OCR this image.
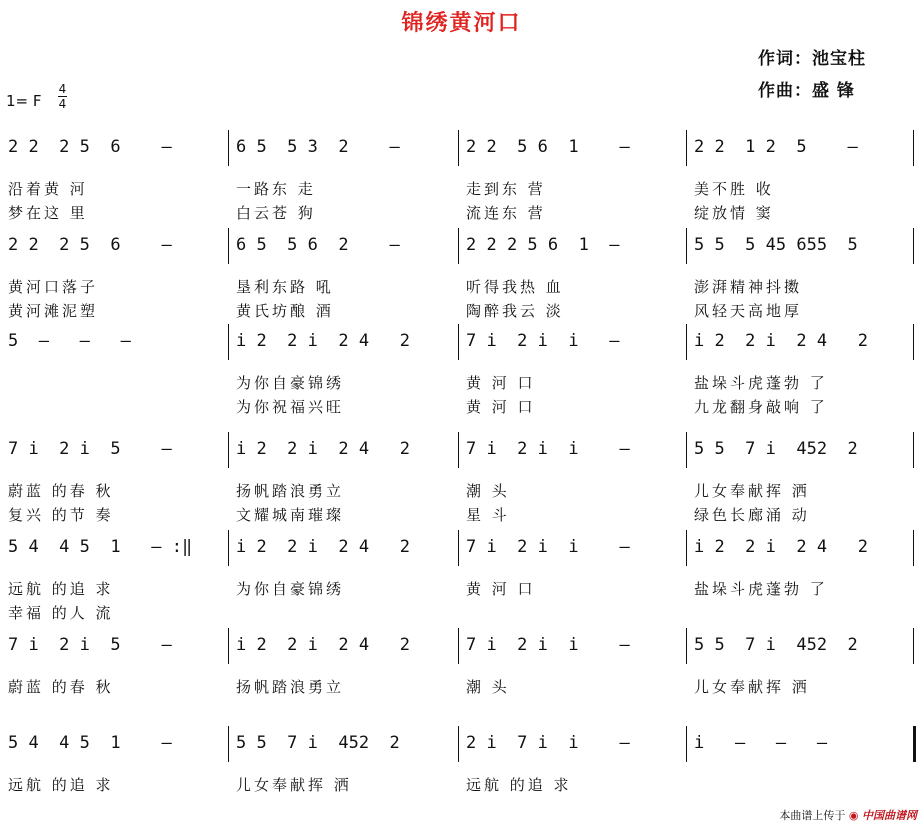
锦绣黄河口
作词：池宝柱
作曲：盛 锋
1= F
4
4
2 2  2 5  6    –	6 5  5 3  2    –	2 2  5 6  1    –	2 2  1 2  5    –
沿着黄 河	一路东 走	走到东 营	美不胜 收
梦在这 里	白云苍 狗	流连东 营	绽放情 窦
2 2  2 5  6    –	6 5  5 6  2    –	2 2 2 5 6  1  –	5 5  5 45 655  5
黄河口落子	垦利东路 吼	听得我热 血	澎湃精神抖擞
黄河滩泥塑	黄氏坊酿 酒	陶醉我云 淡	风轻天高地厚
5  –   –   –	i 2  2 i  2 4   2	7 i  2 i  i   –	i 2  2 i  2 4   2
为你自豪锦绣	黄 河 口	盐垛斗虎蓬勃 了
为你祝福兴旺	黄 河 口	九龙翻身敲响 了
7 i  2 i  5    –	i 2  2 i  2 4   2	7 i  2 i  i    –	5 5  7 i  452  2
蔚蓝 的春 秋	扬帆踏浪勇立	潮 头	儿女奉献挥 洒
复兴 的节 奏	文耀城南璀璨	星 斗	绿色长廊涌 动
5 4  4 5  1   – :‖	i 2  2 i  2 4   2	7 i  2 i  i    –	i 2  2 i  2 4   2
远航 的追 求	为你自豪锦绣	黄 河 口	盐垛斗虎蓬勃 了
幸福 的人 流
7 i  2 i  5    –	i 2  2 i  2 4   2	7 i  2 i  i    –	5 5  7 i  452  2
蔚蓝 的春 秋	扬帆踏浪勇立	潮 头	儿女奉献挥 洒
5 4  4 5  1    –	5 5  7 i  452  2	2 i  7 i  i    –	i   –   –   –
远航 的追 求	儿女奉献挥 洒	远航 的追 求
本曲谱上传于 ◉ 中国曲谱网
